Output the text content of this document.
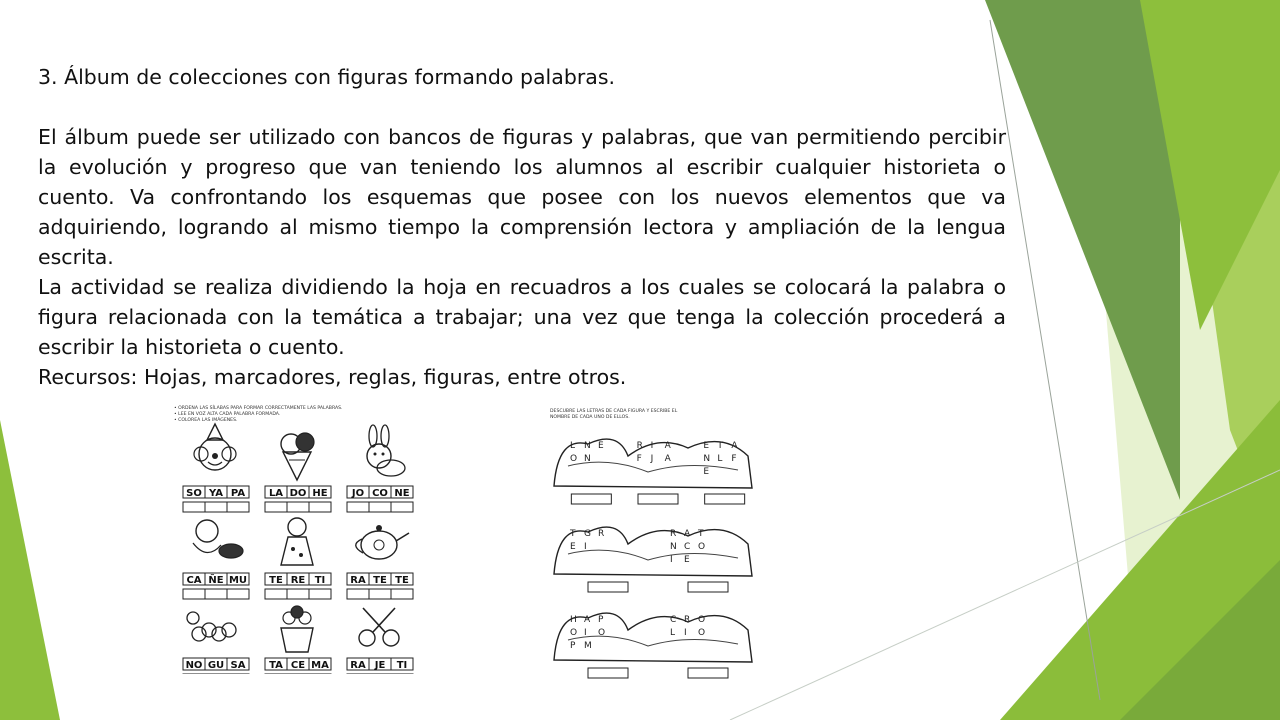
3. Álbum de colecciones con figuras formando palabras.

El álbum puede ser utilizado con bancos de figuras y palabras, que van permitiendo percibir la evolución y progreso que van teniendo los alumnos al escribir cualquier historieta o cuento. Va confrontando los esquemas que posee con los nuevos elementos que va adquiriendo, logrando al mismo tiempo la comprensión lectora y ampliación de la lengua escrita.

La actividad se realiza dividiendo la hoja en recuadros a los cuales se colocará la palabra o figura relacionada con la temática a trabajar; una vez que tenga la colección procederá a escribir la historieta o cuento.

Recursos: Hojas, marcadores, reglas, figuras, entre otros.

• ORDENA LAS SÍLABAS PARA FORMAR CORRECTAMENTE LAS PALABRAS.
• LEE EN VOZ ALTA CADA PALABRA FORMADA.
• COLOREA LAS IMÁGENES.
SO YA PA LA DO HE JO CO NE
CA ÑE MU TE RE TI	RA TE TE
NO GU SA TA CE MA RA JE TI
DESCUBRE LAS LETRAS DE CADA FIGURA Y ESCRIBE EL
NOMBRE DE CADA UNO DE ELLOS.
L N E
O N
R I A
F J A
E T A
N L F
E
T G R
E I
R A T
N C O
I E
H A P
O I O
P M
C R O
L I O
